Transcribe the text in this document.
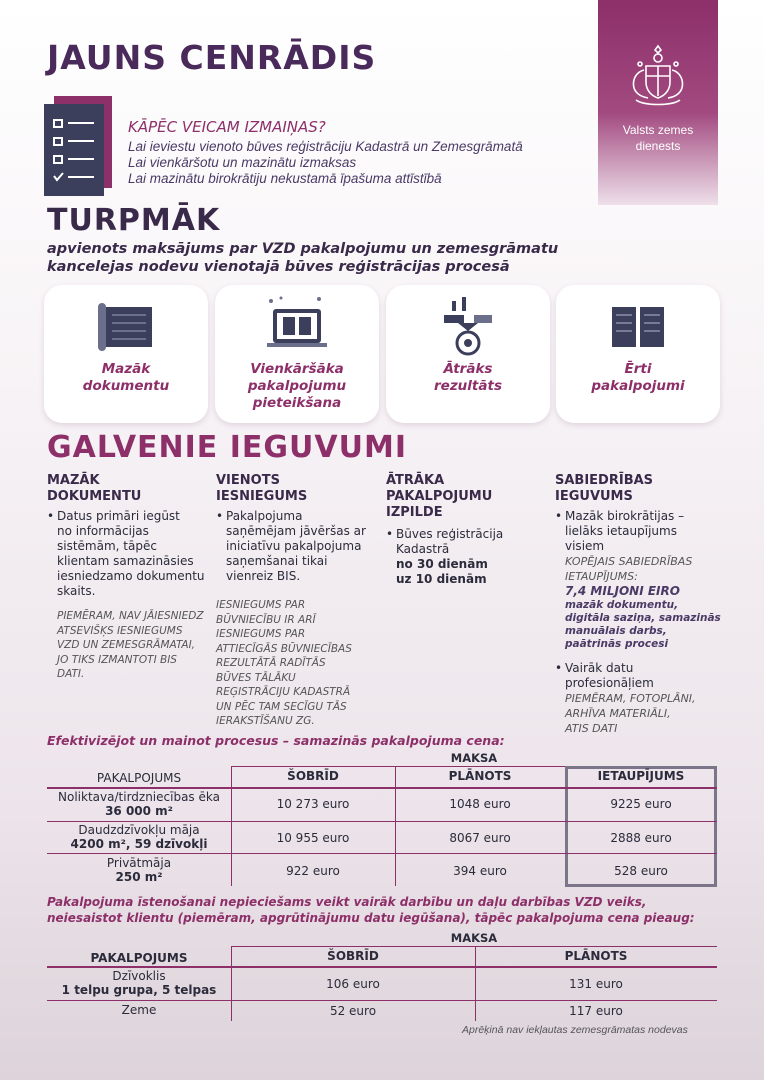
Valsts zemes
dienests
JAUNS CENRĀDIS
KĀPĒC VEICAM IZMAIŅAS?
Lai ieviestu vienoto būves reģistrāciju Kadastrā un Zemesgrāmatā
Lai vienkāršotu un mazinātu izmaksas
Lai mazinātu birokrātiju nekustamā īpašuma attīstībā
TURPMĀK
apvienots maksājums par VZD pakalpojumu un zemesgrāmatu
kancelejas nodevu vienotajā būves reģistrācijas procesā
Mazāk
dokumentu
Vienkāršāka
pakalpojumu
pieteikšana
Ātrāks
rezultāts
Ērti
pakalpojumi
GALVENIE IEGUVUMI
MAZĀK
DOKUMENTU
• Datus primāri iegūst
no informācijas
sistēmām, tāpēc
klientam samazināsies
iesniedzamo dokumentu
skaits.
PIEMĒRAM, NAV JĀIESNIEDZ
ATSEVIŠĶS IESNIEGUMS
VZD UN ZEMESGRĀMATAI,
JO TIKS IZMANTOTI BIS
DATI.
VIENOTS
IESNIEGUMS
• Pakalpojuma
saņēmējam jāvēršas ar
iniciatīvu pakalpojuma
saņemšanai tikai
vienreiz BIS.
IESNIEGUMS PAR
BŪVNIECĪBU IR ARĪ
IESNIEGUMS PAR
ATTIECĪGĀS BŪVNIECĪBAS
REZULTĀTĀ RADĪTĀS
BŪVES TĀLĀKU
REĢISTRĀCIJU KADASTRĀ
UN PĒC TAM SECĪGU TĀS
IERAKSTĪŠANU ZG.
ĀTRĀKA
PAKALPOJUMU
IZPILDE
• Būves reģistrācija
Kadastrā
no 30 dienām
uz 10 dienām
SABIEDRĪBAS
IEGUVUMS
• Mazāk birokrātijas –
lielāks ietaupījums
visiem
KOPĒJAIS SABIEDRĪBAS
IETAUPĪJUMS:
7,4 MILJONI EIRO
mazāk dokumentu,
digitāla saziņa, samazinās
manuālais darbs,
paātrinās procesi
• Vairāk datu
profesionāļiem
PIEMĒRAM, FOTOPLĀNI,
ARHĪVA MATERIĀLI,
ATIS DATI
Efektivizējot un mainot procesus – samazinās pakalpojuma cena:
MAKSA
PAKALPOJUMS	ŠOBRĪD	PLĀNOTS	IETAUPĪJUMS
Noliktava/tirdzniecības ēka
36 000 m²	10 273 euro	1048 euro	9225 euro
Daudzdzīvokļu māja
4200 m², 59 dzīvokļi	10 955 euro	8067 euro	2888 euro
Privātmāja
250 m²	922 euro	394 euro	528 euro
Pakalpojuma īstenošanai nepieciešams veikt vairāk darbību un daļu darbības VZD veiks,
neiesaistot klientu (piemēram, apgrūtinājumu datu iegūšana), tāpēc pakalpojuma cena pieaug:
MAKSA
PAKALPOJUMS	ŠOBRĪD	PLĀNOTS
Dzīvoklis
1 telpu grupa, 5 telpas	106 euro	131 euro
Zeme	52 euro	117 euro
Aprēķinā nav iekļautas zemesgrāmatas nodevas
